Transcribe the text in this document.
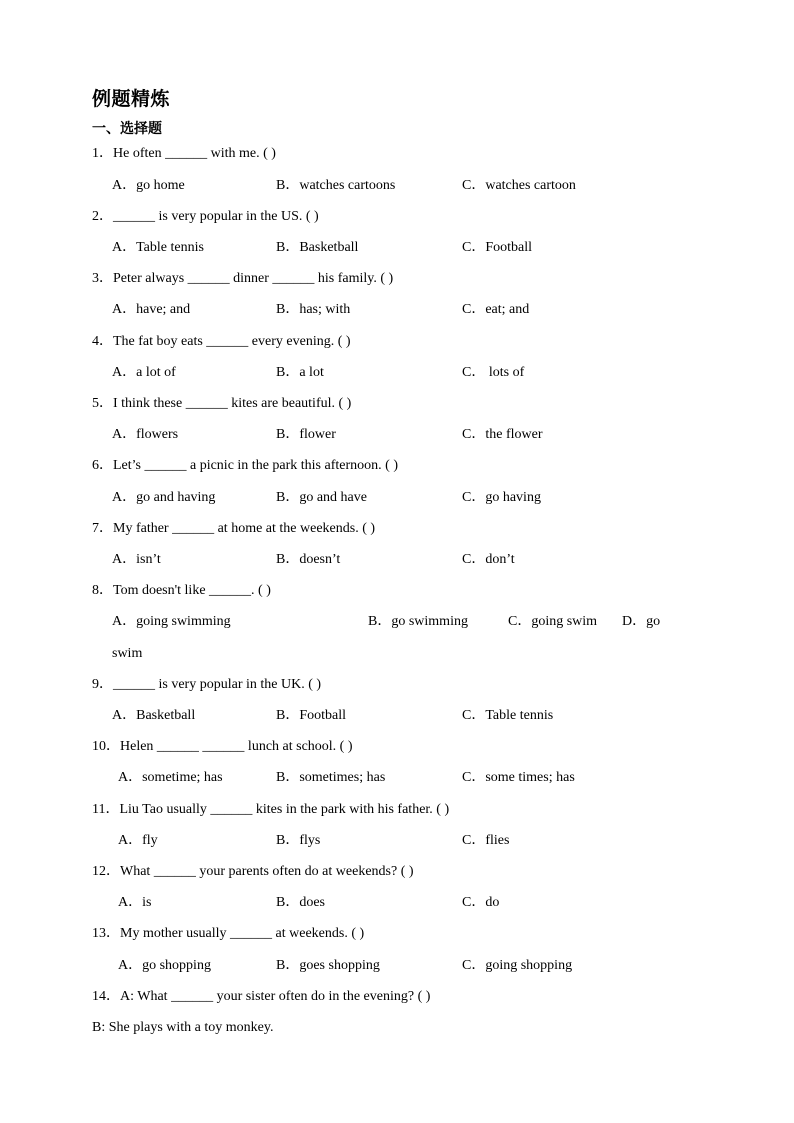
例题精炼
一、选择题
1．He often ______ with me. ( )
A．go home	B．watches cartoons	C．watches cartoon
2．______ is very popular in the US. ( )
A．Table tennis	B．Basketball	C．Football
3．Peter always ______ dinner ______ his family. ( )
A．have; and	B．has; with	C．eat; and
4．The fat boy eats ______ every evening. ( )
A．a lot of	B．a lot	C． lots of
5．I think these ______ kites are beautiful. ( )
A．flowers	B．flower	C．the flower
6．Let’s ______ a picnic in the park this afternoon. ( )
A．go and having	B．go and have	C．go having
7．My father ______ at home at the weekends. ( )
A．isn’t	B．doesn’t	C．don’t
8．Tom doesn't like ______. ( )
A．going swimming	B．go swimming	C．going swim D．go
swim
9．______ is very popular in the UK. ( )
A．Basketball	B．Football	C．Table tennis
10．Helen ______ ______ lunch at school. ( )
A．sometime; has	B．sometimes; has	C．some times; has
11．Liu Tao usually ______ kites in the park with his father. ( )
A．fly	B．flys	C．flies
12．What ______ your parents often do at weekends? ( )
A．is	B．does	C．do
13．My mother usually ______ at weekends. ( )
A．go shopping	B．goes shopping	C．going shopping
14．A: What ______ your sister often do in the evening? ( )
B: She plays with a toy monkey.
